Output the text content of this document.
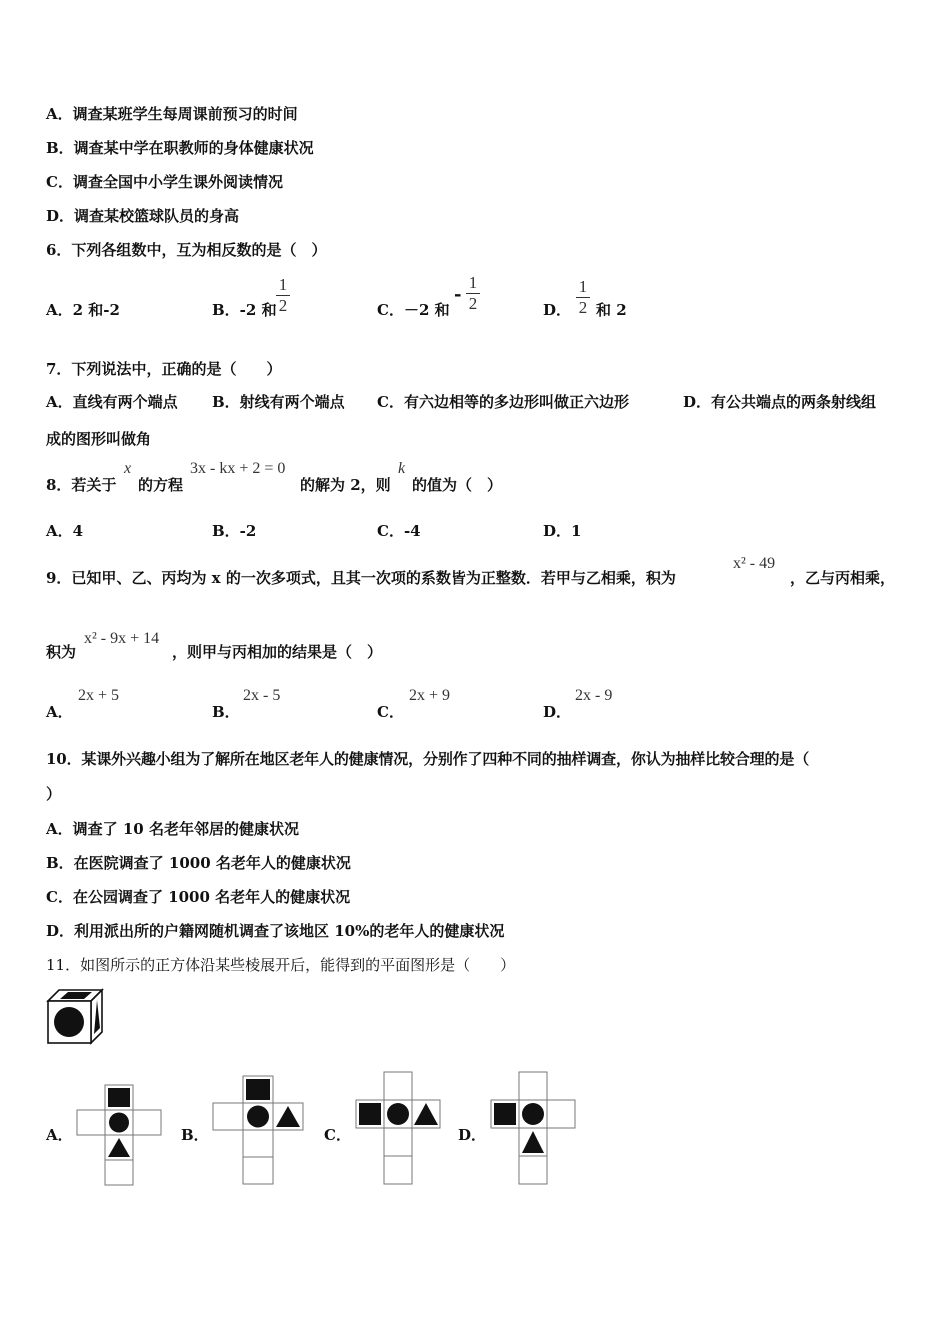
A．调查某班学生每周课前预习的时间
B．调查某中学在职教师的身体健康状况
C．调查全国中小学生课外阅读情况
D．调查某校篮球队员的身高
6．下列各组数中，互为相反数的是（　）
A．2 和-2	B．-2 和
1
2	C．－2 和
-
1
2	D．
1
2 和 2
7．下列说法中，正确的是（　　）
A．直线有两个端点 B．射线有两个端点 C．有六边相等的多边形叫做正六边形	D．有公共端点的两条射线组
成的图形叫做角
8．若关于
x
的方程
3x - kx + 2 = 0
的解为 2，则
k
的值为（　）
A．4	B．-2	C．-4	D．1
9．已知甲、乙、丙均为 x 的一次多项式，且其一次项的系数皆为正整数．若甲与乙相乘，积为
x² - 49
，乙与丙相乘，
积为
x² - 9x + 14
，则甲与丙相加的结果是（　）
A．
2x + 5
B．
2x - 5
C．
2x + 9
D．
2x - 9
10．某课外兴趣小组为了解所在地区老年人的健康情况，分别作了四种不同的抽样调查，你认为抽样比较合理的是（
）
A．调查了 10 名老年邻居的健康状况
B．在医院调查了 1000 名老年人的健康状况
C．在公园调查了 1000 名老年人的健康状况
D．利用派出所的户籍网随机调查了该地区 10%的老年人的健康状况
11．如图所示的正方体沿某些棱展开后，能得到的平面图形是（　　）
A．	B．	C．	D．
